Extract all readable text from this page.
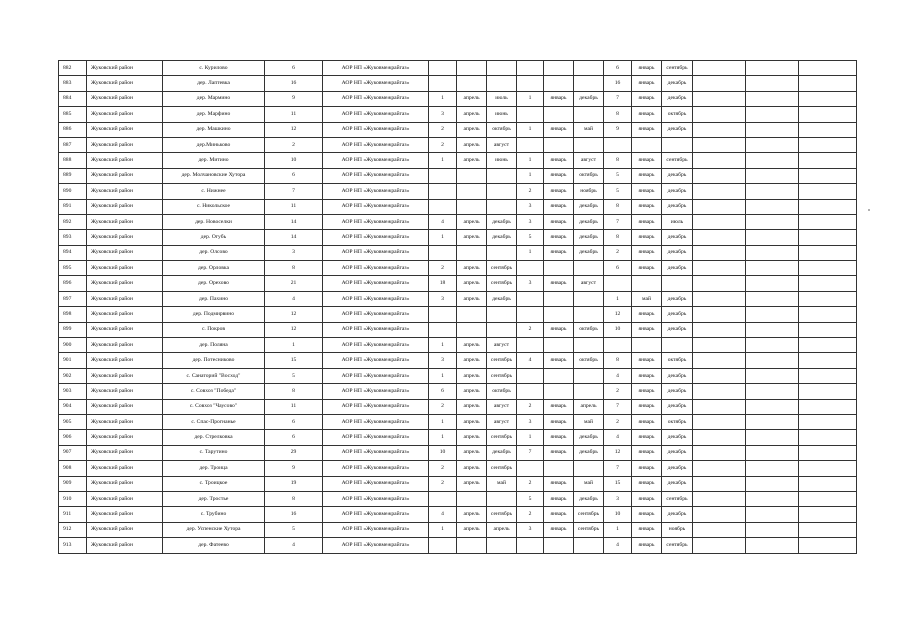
882	Жуковский район	с. Куриловo	6	АОР НП «Жуковмежрайгаз»							6	январь	сентябрь			
883	Жуковский район	дер. Лаптевка	16	АОР НП «Жуковмежрайгаз»							16	январь	декабрь			
884	Жуковский район	дер. Мaрмино	9	АОР НП «Жуковмежрайгаз»	1	апрель	июль	1	январь	декабрь	7	январь	декабрь			
885	Жуковский район	дер. Марфино	11	АОР НП «Жуковмежрайгаз»	3	апрель	июнь				8	январь	октябрь			
886	Жуковский район	дер. Машкино	12	АОР НП «Жуковмежрайгаз»	2	апрель	октябрь	1	январь	май	9	январь	декабрь			
887	Жуковский район	дер.Миньково	2	АОР НП «Жуковмежрайгаз»	2	апрель	август									
888	Жуковский район	дер. Митино	10	АОР НП «Жуковмежрайгаз»	1	апрель	июнь	1	январь	август	8	январь	сентябрь			
889	Жуковский район	дер. Молчановские Хутора	6	АОР НП «Жуковмежрайгаз»				1	январь	октябрь	5	январь	декабрь			
890	Жуковский район	с. Нижнее	7	АОР НП «Жуковмежрайгаз»				2	январь	ноябрь	5	январь	декабрь			
891	Жуковский район	с. Никольское	11	АОР НП «Жуковмежрайгаз»				3	январь	декабрь	8	январь	декабрь			
892	Жуковский район	дер. Новоселки	14	АОР НП «Жуковмежрайгаз»	4	апрель	декабрь	3	январь	декабрь	7	январь	июль			
893	Жуковский район	дер. Огубь	14	АОР НП «Жуковмежрайгаз»	1	апрель	декабрь	5	январь	декабрь	8	январь	декабрь			
894	Жуковский район	дер. Олсово	3	АОР НП «Жуковмежрайгаз»				1	январь	декабрь	2	январь	декабрь			
895	Жуковский район	дер. Орловка	8	АОР НП «Жуковмежрайгаз»	2	апрель	сентябрь				6	январь	декабрь			
896	Жуковский район	дер. Орехово	21	АОР НП «Жуковмежрайгаз»	18	апрель	сентябрь	3	январь	август						
897	Жуковский район	дер. Пахино	4	АОР НП «Жуковмежрайгаз»	3	апрель	декабрь				1	май	декабрь			
898	Жуковский район	дер. Подмирвино	12	АОР НП «Жуковмежрайгаз»							12	январь	декабрь			
899	Жуковский район	с. Покров	12	АОР НП «Жуковмежрайгаз»				2	январь	октябрь	10	январь	декабрь			
900	Жуковский район	дер. Поляна	1	АОР НП «Жуковмежрайгаз»	1	апрель	август									
901	Жуковский район	дер. Потесниково	15	АОР НП «Жуковмежрайгаз»	3	апрель	сентябрь	4	январь	октябрь	8	январь	октябрь			
902	Жуковский район	с. Санаторий "Восход"	5	АОР НП «Жуковмежрайгаз»	1	апрель	сентябрь				4	январь	декабрь			
903	Жуковский район	с. Совхоз "Победа"	8	АОР НП «Жуковмежрайгаз»	6	апрель	октябрь				2	январь	декабрь			
904	Жуковский район	с. Совхоз "Чаусово"	11	АОР НП «Жуковмежрайгаз»	2	апрель	август	2	январь	апрель	7	январь	декабрь			
905	Жуковский район	с. Спас-Прогнанье	6	АОР НП «Жуковмежрайгаз»	1	апрель	август	3	январь	май	2	январь	октябрь			
906	Жуковский район	дер. Стрелковка	6	АОР НП «Жуковмежрайгаз»	1	апрель	сентябрь	1	январь	декабрь	4	январь	декабрь			
907	Жуковский район	с. Тарутино	29	АОР НП «Жуковмежрайгаз»	10	апрель	декабрь	7	январь	декабрь	12	январь	декабрь			
908	Жуковский район	дер. Троица	9	АОР НП «Жуковмежрайгаз»	2	апрель	сентябрь				7	январь	декабрь			
909	Жуковский район	с. Троицкое	19	АОР НП «Жуковмежрайгаз»	2	апрель	май	2	январь	май	15	январь	декабрь			
910	Жуковский район	дер. Тростье	8	АОР НП «Жуковмежрайгаз»				5	январь	декабрь	3	январь	сентябрь			
911	Жуковский район	с. Трубино	16	АОР НП «Жуковмежрайгаз»	4	апрель	сентябрь	2	январь	сентябрь	10	январь	декабрь			
912	Жуковский район	дер. Успенские Хутора	5	АОР НП «Жуковмежрайгаз»	1	апрель	апрель	3	январь	сентябрь	1	январь	ноябрь			
913	Жуковский район	дер. Фатеево	4	АОР НП «Жуковмежрайгаз»							4	январь	сентябрь			
